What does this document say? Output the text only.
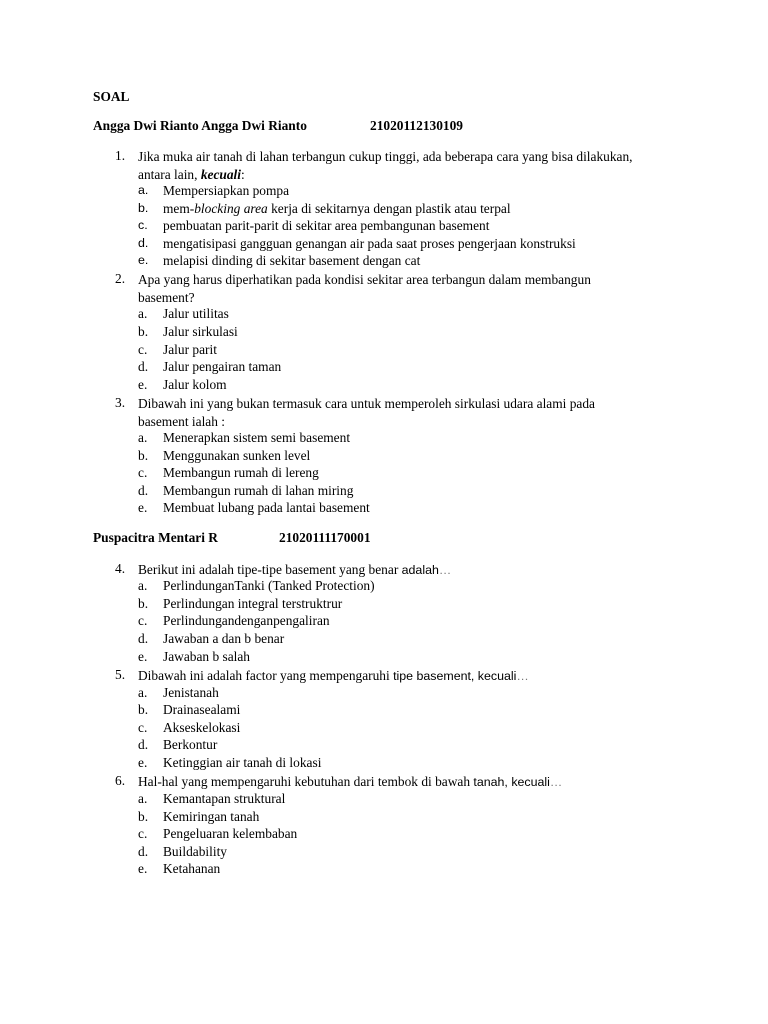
SOAL
Angga Dwi Rianto Angga Dwi Rianto	21020112130109
1. Jika muka air tanah di lahan terbangun cukup tinggi, ada beberapa cara yang bisa dilakukan,
antara lain, kecuali:
a. Mempersiapkan pompa
b. mem-blocking area kerja di sekitarnya dengan plastik atau terpal
c. pembuatan parit-parit di sekitar area pembangunan basement
d. mengatisipasi gangguan genangan air pada saat proses pengerjaan konstruksi
e. melapisi dinding di sekitar basement dengan cat
2. Apa yang harus diperhatikan pada kondisi sekitar area terbangun dalam membangun
basement?
a. Jalur utilitas
b. Jalur sirkulasi
c. Jalur parit
d. Jalur pengairan taman
e. Jalur kolom
3. Dibawah ini yang bukan termasuk cara untuk memperoleh sirkulasi udara alami pada
basement ialah :
a. Menerapkan sistem semi basement
b. Menggunakan sunken level
c. Membangun rumah di lereng
d. Membangun rumah di lahan miring
e. Membuat lubang pada lantai basement
Puspacitra Mentari R	21020111170001
4. Berikut ini adalah tipe-tipe basement yang benar adalah…
a. PerlindunganTanki (Tanked Protection)
b. Perlindungan integral terstruktrur
c. Perlindungandenganpengaliran
d. Jawaban a dan b benar
e. Jawaban b salah
5. Dibawah ini adalah factor yang mempengaruhi tipe basement, kecuali…
a. Jenistanah
b. Drainasealami
c. Akseskelokasi
d. Berkontur
e. Ketinggian air tanah di lokasi
6. Hal-hal yang mempengaruhi kebutuhan dari tembok di bawah tanah, kecuali…
a. Kemantapan struktural
b. Kemiringan tanah
c. Pengeluaran kelembaban
d. Buildability
e. Ketahanan
